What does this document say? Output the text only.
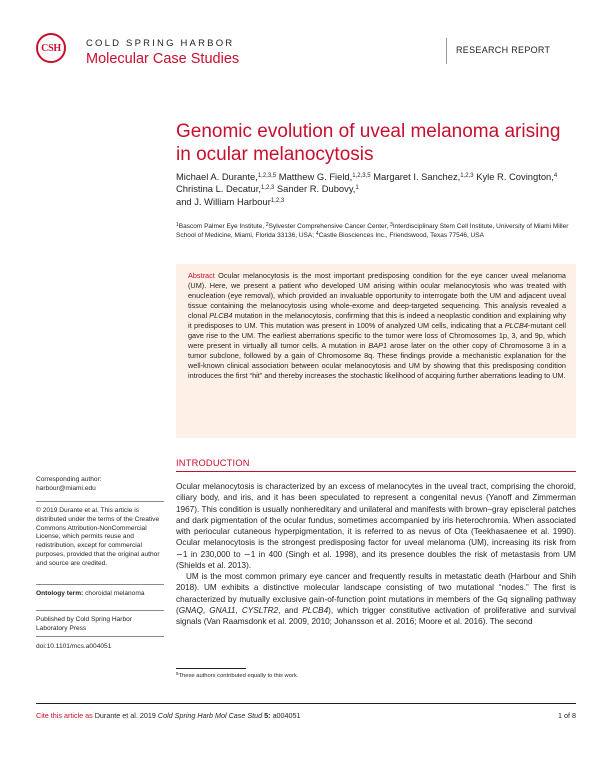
CSH	COLD SPRING HARBOR
Molecular Case Studies
RESEARCH REPORT
Genomic evolution of uveal melanoma arising in ocular melanocytosis
Michael A. Durante,$^{1,2,3,5}$ Matthew G. Field,$^{1,2,3,5}$ Margaret I. Sanchez,$^{1,2,3}$ Kyle R. Covington,$^4$ Christina L. Decatur,$^{1,2,3}$ Sander R. Dubovy,$^1$
and J. William Harbour$^{1,2,3}$
$^1$Bascom Palmer Eye Institute, $^2$Sylvester Comprehensive Cancer Center, $^3$Interdisciplinary Stem Cell Institute, University of Miami Miller School of Medicine, Miami, Florida 33136, USA; $^4$Castle Biosciences Inc., Friendswood, Texas 77546, USA
Abstract Ocular melanocytosis is the most important predisposing condition for the eye cancer uveal melanoma (UM). Here, we present a patient who developed UM arising within ocular melanocytosis who was treated with enucleation (eye removal), which provided an invaluable opportunity to interrogate both the UM and adjacent uveal tissue containing the melanocytosis using whole-exome and deep-targeted sequencing. This analysis revealed a clonal PLCB4 mutation in the melanocytosis, confirming that this is indeed a neoplastic condition and explaining why it predisposes to UM. This mutation was present in 100% of analyzed UM cells, indicating that a PLCB4-mutant cell gave rise to the UM. The earliest aberrations specific to the tumor were loss of Chromosomes 1p, 3, and 9p, which were present in virtually all tumor cells. A mutation in BAP1 arose later on the other copy of Chromosome 3 in a tumor subclone, followed by a gain of Chromosome 8q. These findings provide a mechanistic explanation for the well-known clinical association between ocular melanocytosis and UM by showing that this predisposing condition introduces the first “hit” and thereby increases the stochastic likelihood of acquiring further aberrations leading to UM.
INTRODUCTION

Ocular melanocytosis is characterized by an excess of melanocytes in the uveal tract, comprising the choroid, ciliary body, and iris, and it has been speculated to represent a congenital nevus (Yanoff and Zimmerman 1967). This condition is usually nonhereditary and unilateral and manifests with brown–gray episcleral patches and dark pigmentation of the ocular fundus, sometimes accompanied by iris heterochromia. When associated with periocular cutaneous hyperpigmentation, it is referred to as nevus of Ota (Teekhasaenee et al. 1990). Ocular melanocytosis is the strongest predisposing factor for uveal melanoma (UM), increasing its risk from ∼1 in 230,000 to ∼1 in 400 (Singh et al. 1998), and its presence doubles the risk of metastasis from UM (Shields et al. 2013).

UM is the most common primary eye cancer and frequently results in metastatic death (Harbour and Shih 2018). UM exhibits a distinctive molecular landscape consisting of two mutational “nodes.” The first is characterized by mutually exclusive gain-of-function point mutations in members of the Gq signaling pathway (GNAQ, GNA11, CYSLTR2, and PLCB4), which trigger constitutive activation of proliferative and survival signals (Van Raamsdonk et al. 2009, 2010; Johansson et al. 2016; Moore et al. 2016). The second

$^5$These authors contributed equally to this work.
Corresponding author:
harbour@miami.edu
© 2019 Durante et al. This article is distributed under the terms of the Creative Commons Attribution-NonCommercial License, which permits reuse and redistribution, except for commercial purposes, provided that the original author and source are credited.
Ontology term: choroidal melanoma
Published by Cold Spring Harbor Laboratory Press
doi:10.1101/mcs.a004051
Cite this article as Durante et al. 2019 Cold Spring Harb Mol Case Stud 5: a004051	1 of 8
